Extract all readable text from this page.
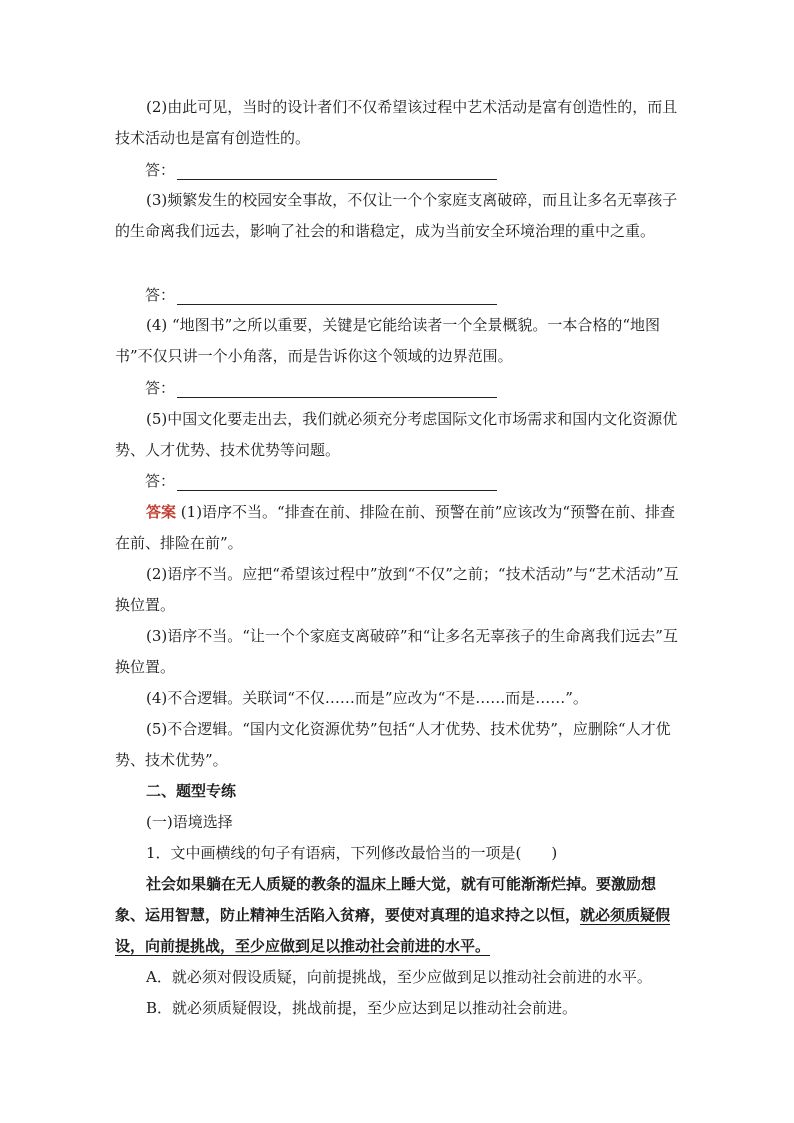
(2)由此可见，当时的设计者们不仅希望该过程中艺术活动是富有创造性的，而且技术活动也是富有创造性的。

答：

(3)频繁发生的校园安全事故，不仅让一个个家庭支离破碎，而且让多名无辜孩子的生命离我们远去，影响了社会的和谐稳定，成为当前安全环境治理的重中之重。

答：

(4) “地图书”之所以重要，关键是它能给读者一个全景概貌。一本合格的“地图书”不仅只讲一个小角落，而是告诉你这个领域的边界范围。

答：

(5)中国文化要走出去，我们就必须充分考虑国际文化市场需求和国内文化资源优势、人才优势、技术优势等问题。

答：

答案 (1)语序不当。“排查在前、排险在前、预警在前”应该改为“预警在前、排查在前、排险在前”。

(2)语序不当。应把“希望该过程中”放到“不仅”之前；“技术活动”与“艺术活动”互换位置。

(3)语序不当。“让一个个家庭支离破碎”和“让多名无辜孩子的生命离我们远去”互换位置。

(4)不合逻辑。关联词“不仅……而是”应改为“不是……而是……”。

(5)不合逻辑。“国内文化资源优势”包括“人才优势、技术优势”，应删除“人才优势、技术优势”。

二、题型专练

(一)语境选择

1．文中画横线的句子有语病，下列修改最恰当的一项是(　　)

社会如果躺在无人质疑的教条的温床上睡大觉，就有可能渐渐烂掉。要激励想象、运用智慧，防止精神生活陷入贫瘠，要使对真理的追求持之以恒，就必须质疑假设，向前提挑战，至少应做到足以推动社会前进的水平。

A．就必须对假设质疑，向前提挑战，至少应做到足以推动社会前进的水平。

B．就必须质疑假设，挑战前提，至少应达到足以推动社会前进。
